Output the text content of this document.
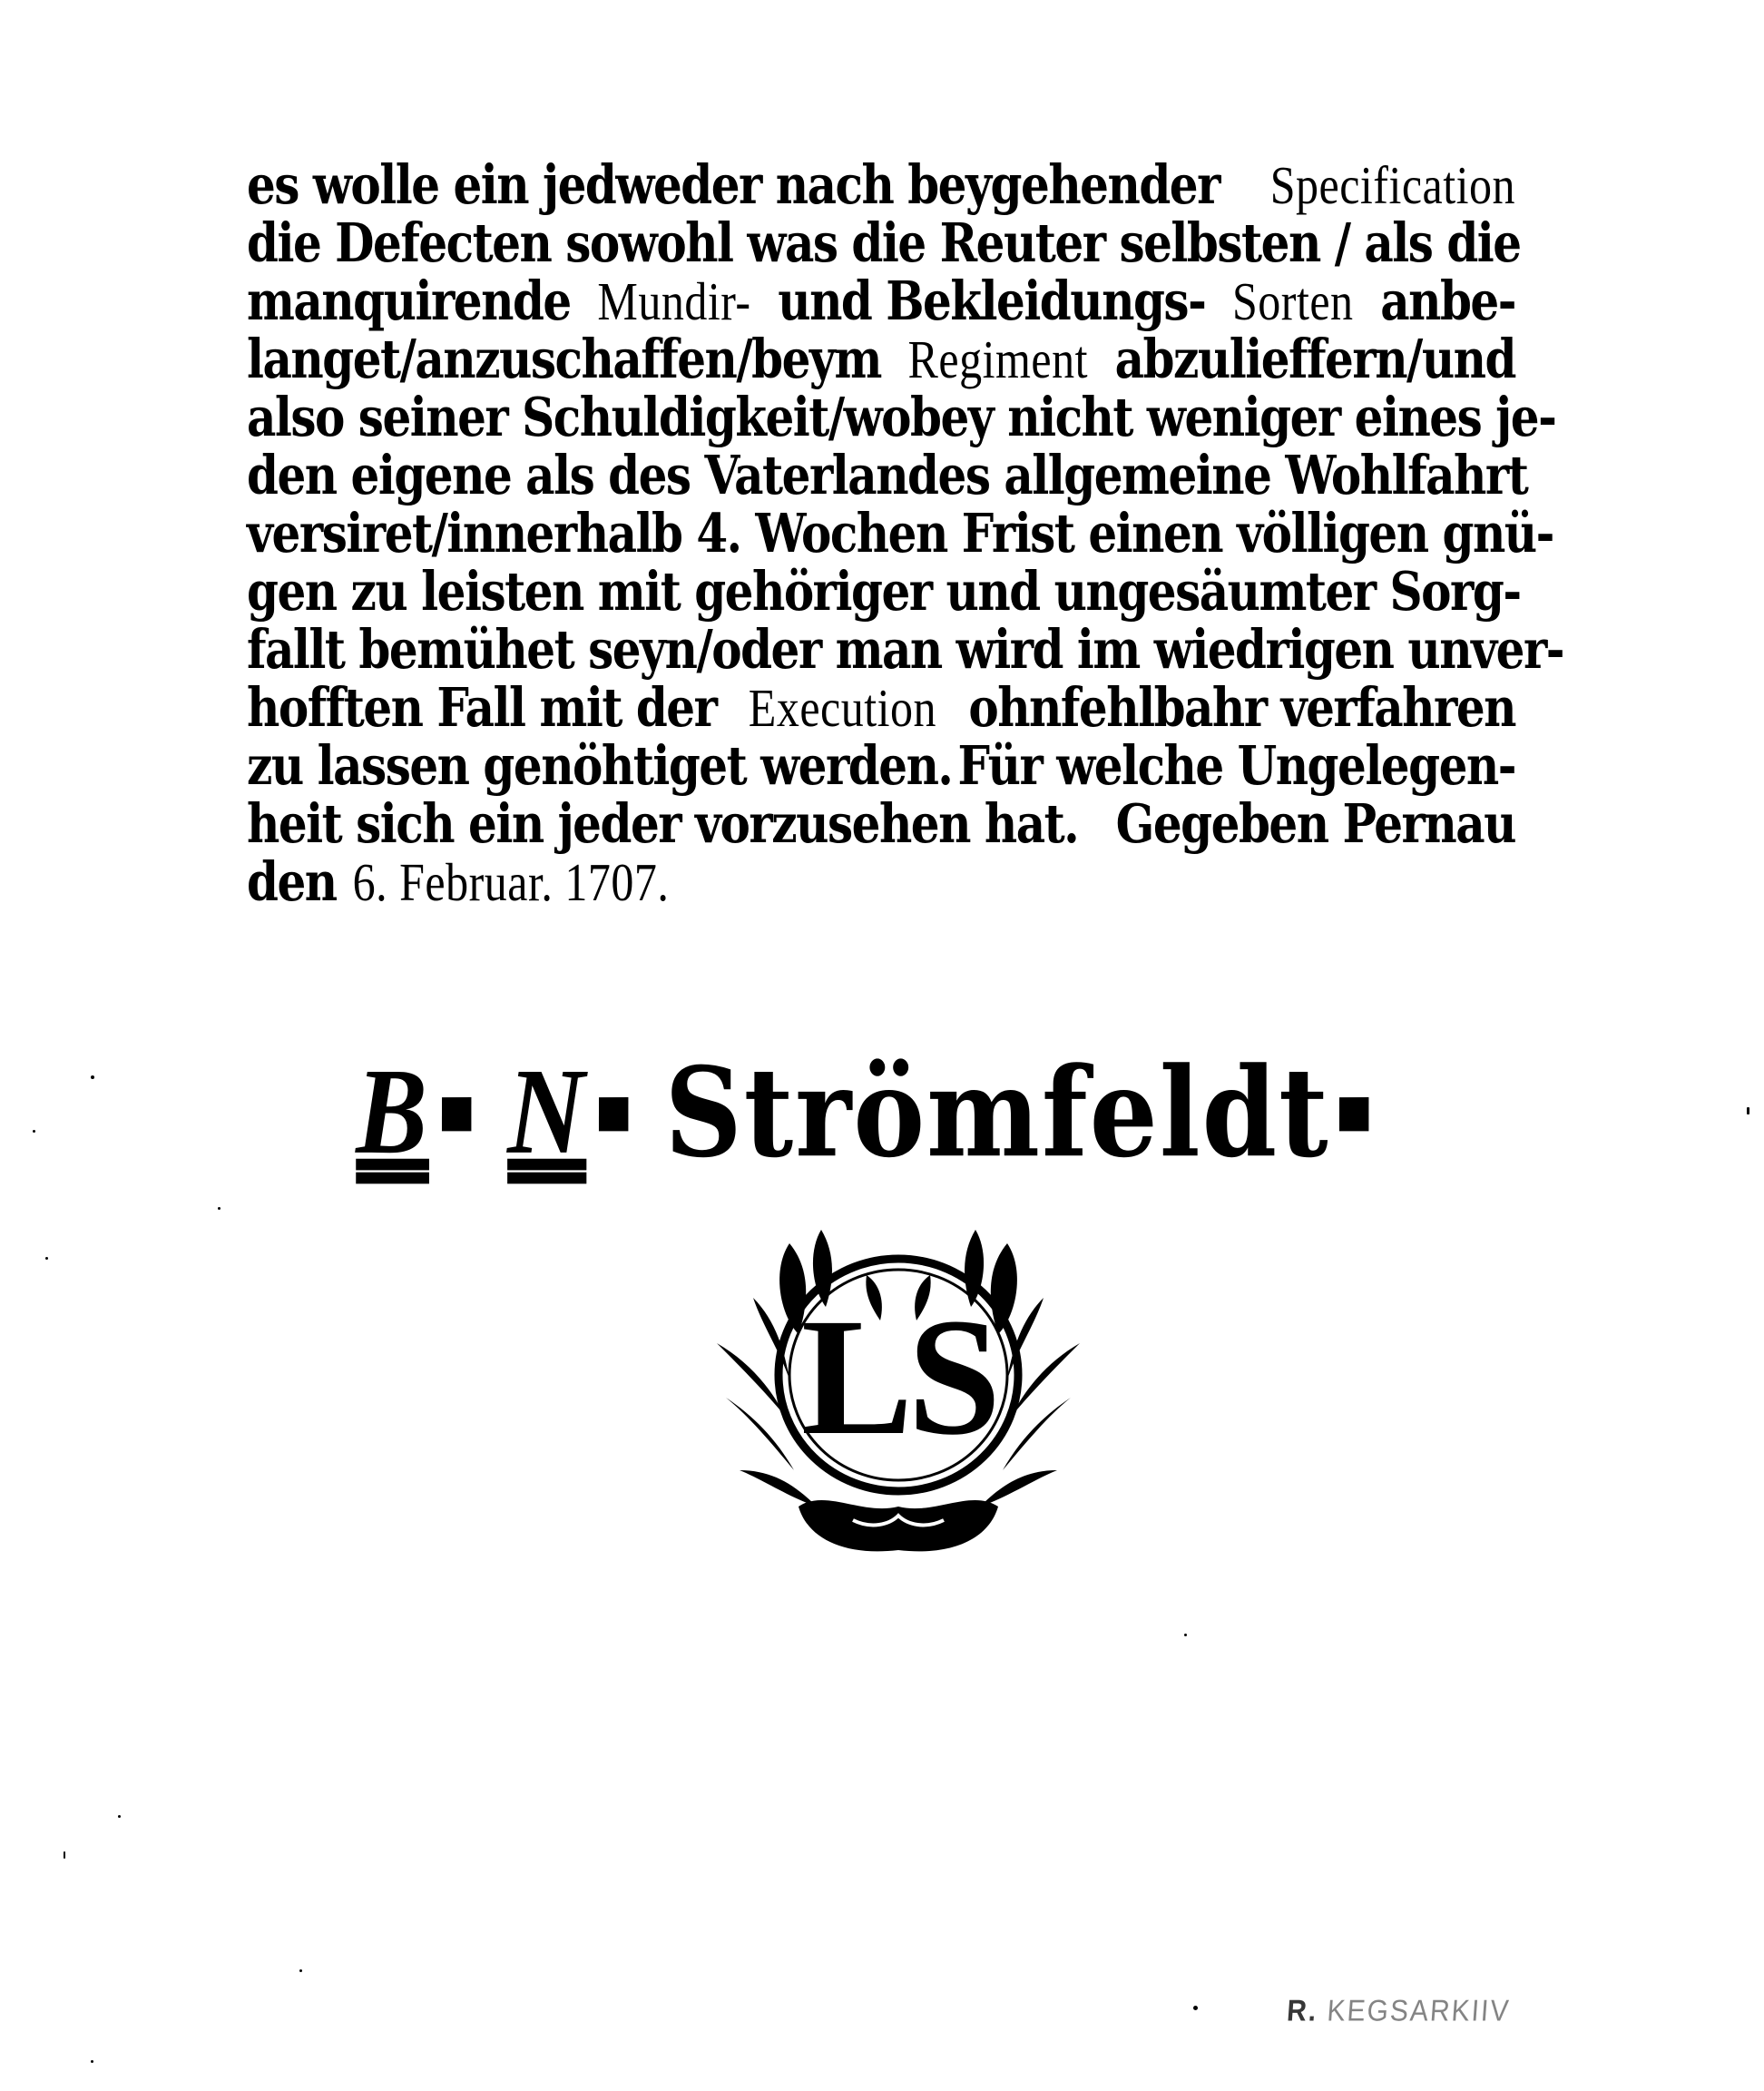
es wolle ein jedweder nach beygehender Specification
die Defecten sowohl was die Reuter selbsten / als die
manquirende Mundir- und Bekleidungs- Sorten anbe-
langet/anzuschaffen/beym Regiment abzulieffern/und
also seiner Schuldigkeit/wobey nicht weniger eines je-
den eigene als des Vaterlandes allgemeine Wohlfahrt
versiret/innerhalb 4. Wochen Frist einen völligen gnü-
gen zu leisten mit gehöriger und ungesäumter Sorg-
fallt bemühet seyn/oder man wird im wiedrigen unver-
hofften Fall mit der Execution ohnfehlbahr verfahren
zu lassen genöhtiget werden. Für welche Ungelegen-
heit sich ein jeder vorzusehen hat. Gegeben Pernau
den 6. Februar. 1707.
B
◆ N
◆ Strömfeldt
◆
LS
R. KEGSARKIIV
